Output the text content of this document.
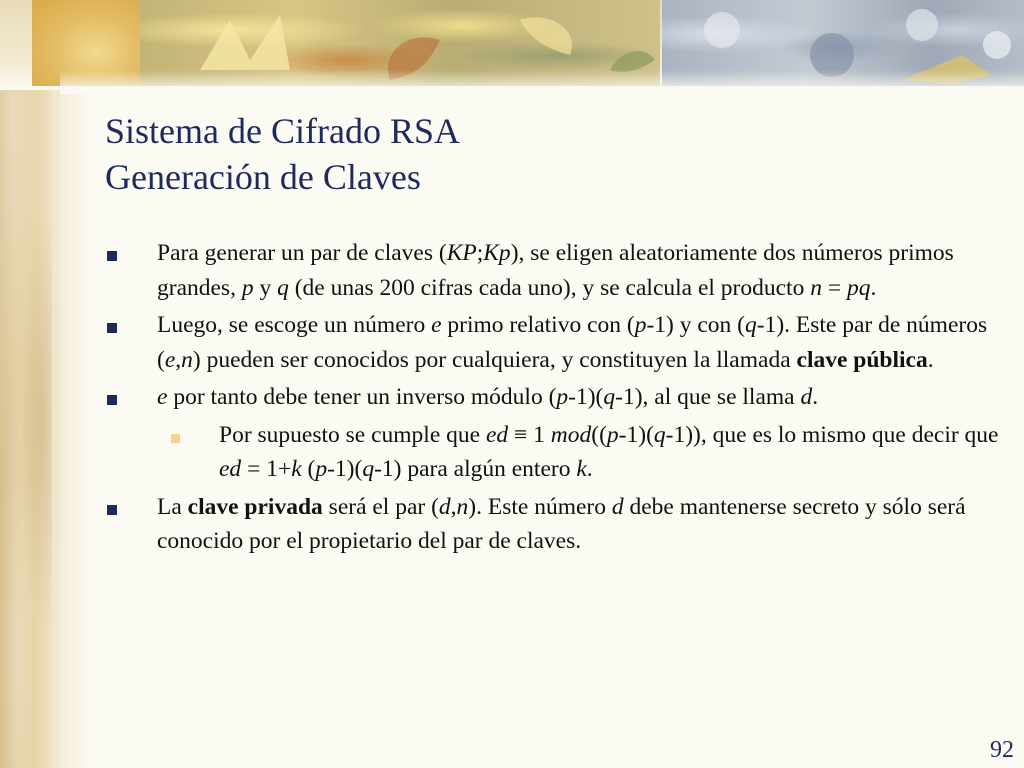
Sistema de Cifrado RSA
Generación de Claves
Para generar un par de claves (KP;Kp), se eligen aleatoriamente dos números primos grandes, p y q (de unas 200 cifras cada uno), y se calcula el producto n = pq.
Luego, se escoge un número e primo relativo con (p-1) y con (q-1). Este par de números (e,n) pueden ser conocidos por cualquiera, y constituyen la llamada clave pública.
e por tanto debe tener un inverso módulo (p-1)(q-1), al que se llama d.
Por supuesto se cumple que ed ≡ 1 mod((p-1)(q-1)), que es lo mismo que decir que ed = 1+k (p-1)(q-1) para algún entero k.
La clave privada será el par (d,n). Este número d debe mantenerse secreto y sólo será conocido por el propietario del par de claves.
92
